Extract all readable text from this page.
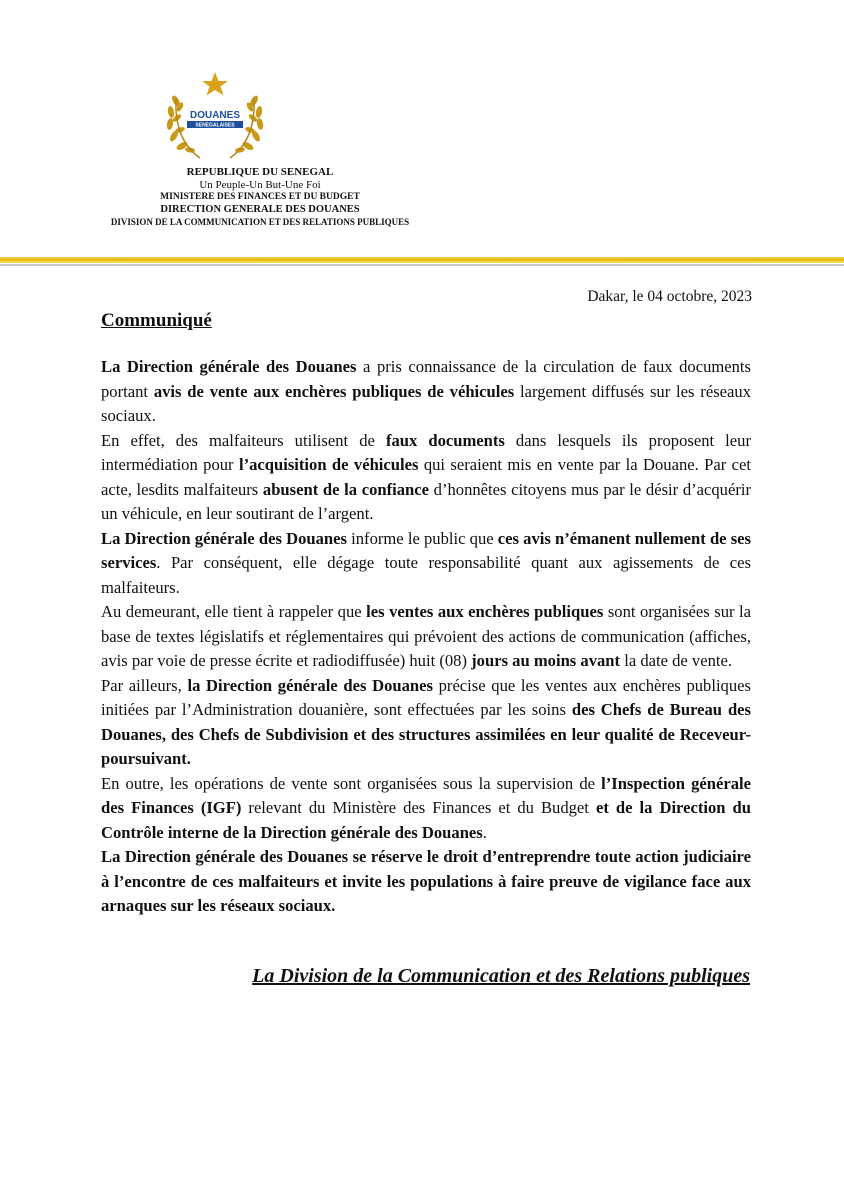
DOUANES
SENEGALAISES
REPUBLIQUE DU SENEGAL
Un Peuple-Un But-Une Foi
MINISTERE DES FINANCES ET DU BUDGET
DIRECTION GENERALE DES DOUANES
DIVISION DE LA COMMUNICATION ET DES RELATIONS PUBLIQUES
Dakar, le 04 octobre, 2023
Communiqué

La Direction générale des Douanes a pris connaissance de la circulation de faux documents portant avis de vente aux enchères publiques de véhicules largement diffusés sur les réseaux sociaux.

En effet, des malfaiteurs utilisent de faux documents dans lesquels ils proposent leur intermédiation pour l’acquisition de véhicules qui seraient mis en vente par la Douane. Par cet acte, lesdits malfaiteurs abusent de la confiance d’honnêtes citoyens mus par le désir d’acquérir un véhicule, en leur soutirant de l’argent.

La Direction générale des Douanes informe le public que ces avis n’émanent nullement de ses services. Par conséquent, elle dégage toute responsabilité quant aux agissements de ces malfaiteurs.

Au demeurant, elle tient à rappeler que les ventes aux enchères publiques sont organisées sur la base de textes législatifs et réglementaires qui prévoient des actions de communication (affiches, avis par voie de presse écrite et radiodiffusée) huit (08) jours au moins avant la date de vente.

Par ailleurs, la Direction générale des Douanes précise que les ventes aux enchères publiques initiées par l’Administration douanière, sont effectuées par les soins des Chefs de Bureau des Douanes, des Chefs de Subdivision et des structures assimilées en leur qualité de Receveur-poursuivant.

En outre, les opérations de vente sont organisées sous la supervision de l’Inspection générale des Finances (IGF) relevant du Ministère des Finances et du Budget et de la Direction du Contrôle interne de la Direction générale des Douanes.

La Direction générale des Douanes se réserve le droit d’entreprendre toute action judiciaire à l’encontre de ces malfaiteurs et invite les populations à faire preuve de vigilance face aux arnaques sur les réseaux sociaux.

La Division de la Communication et des Relations publiques
